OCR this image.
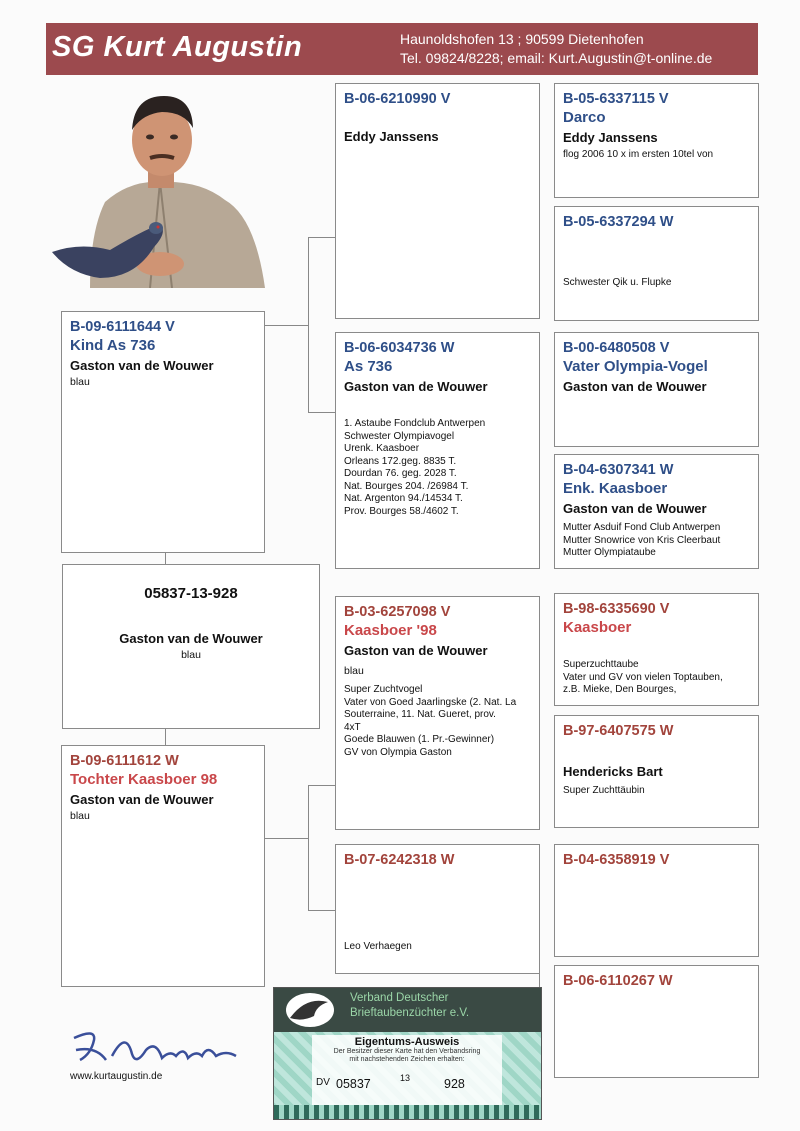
SG Kurt Augustin	Haunoldshofen 13 ; 90599 Dietenhofen
Tel. 09824/8228; email: Kurt.Augustin@t-online.de
05837-13-928
Gaston van de Wouwer
blau
B-09-6111644 V
Kind As 736
Gaston van de Wouwer
blau
B-09-6111612 W
Tochter Kaasboer 98
Gaston van de Wouwer
blau
B-06-6210990 V
Eddy Janssens
B-06-6034736 W
As 736
Gaston van de Wouwer
1. Astaube Fondclub Antwerpen
Schwester Olympiavogel
Urenk. Kaasboer
Orleans 172.geg. 8835 T.
Dourdan 76. geg. 2028 T.
Nat. Bourges 204. /26984 T.
Nat. Argenton 94./14534 T.
Prov. Bourges 58./4602 T.
B-03-6257098 V
Kaasboer '98
Gaston van de Wouwer
blau
Super Zuchtvogel
Vater von Goed Jaarlingske (2. Nat. La
Souterraine, 11. Nat. Gueret, prov.
4xT
Goede Blauwen (1. Pr.-Gewinner)
GV von Olympia Gaston
B-07-6242318 W
Leo Verhaegen
B-05-6337115 V
Darco
Eddy Janssens
flog 2006 10 x im ersten 10tel von
B-05-6337294 W
Schwester Qik u. Flupke
B-00-6480508 V
Vater Olympia-Vogel
Gaston van de Wouwer
B-04-6307341 W
Enk. Kaasboer
Gaston van de Wouwer
Mutter Asduif Fond Club Antwerpen
Mutter Snowrice von Kris Cleerbaut
Mutter Olympiataube
B-98-6335690 V
Kaasboer
Superzuchttaube
Vater und GV von vielen Toptauben,
z.B. Mieke, Den Bourges,
B-97-6407575 W
Hendericks Bart
Super Zuchttäubin
B-04-6358919 V
B-06-6110267 W
Verband Deutscher
Brieftaubenzüchter e.V.
Eigentums-Ausweis
Der Besitzer dieser Karte hat den Verbandsring
mit nachstehenden Zeichen erhalten:
DV 05837	13	928
www.kurtaugustin.de
